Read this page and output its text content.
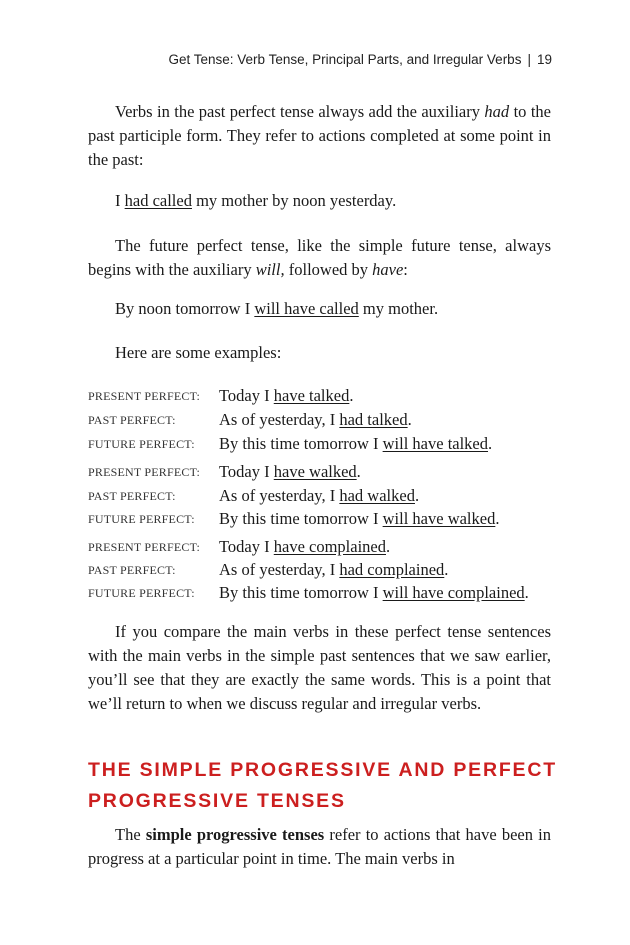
Get Tense: Verb Tense, Principal Parts, and Irregular Verbs | 19

Verbs in the past perfect tense always add the auxiliary had to the past participle form. They refer to actions completed at some point in the past:

I had called my mother by noon yesterday.

The future perfect tense, like the simple future tense, always begins with the auxiliary will, followed by have:

By noon tomorrow I will have called my mother.

Here are some examples:

PRESENT PERFECT: Today I have talked.
PAST PERFECT:	As of yesterday, I had talked.
FUTURE PERFECT: By this time tomorrow I will have talked.
PRESENT PERFECT: Today I have walked.
PAST PERFECT:	As of yesterday, I had walked.
FUTURE PERFECT: By this time tomorrow I will have walked.
PRESENT PERFECT: Today I have complained.
PAST PERFECT:	As of yesterday, I had complained.
FUTURE PERFECT: By this time tomorrow I will have complained.

If you compare the main verbs in these perfect tense sentences with the main verbs in the simple past sentences that we saw earlier, you’ll see that they are exactly the same words. This is a point that we’ll return to when we discuss regular and irregular verbs.

THE SIMPLE PROGRESSIVE AND PERFECT PROGRESSIVE TENSES

The simple progressive tenses refer to actions that have been in progress at a particular point in time. The main verbs in
